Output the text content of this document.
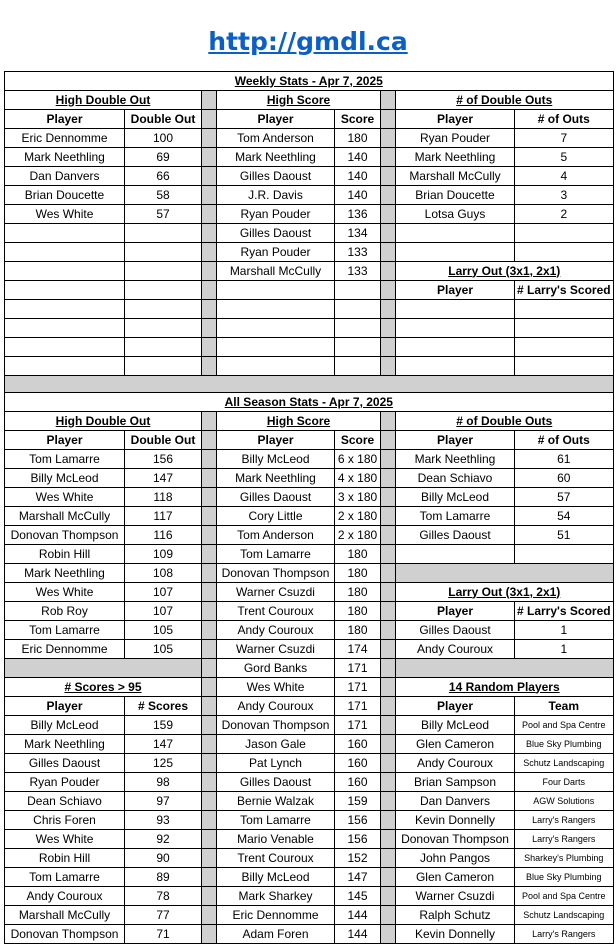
http://gmdl.ca
Weekly Stats - Apr 7, 2025							
High Double Out			High Score			# of Double Outs	
Player	Double Out		Player	Score		Player	# of Outs
Eric Dennomme	100		Tom Anderson	180		Ryan Pouder	7
Mark Neethling	69		Mark Neethling	140		Mark Neethling	5
Dan Danvers	66		Gilles Daoust	140		Marshall McCully	4
Brian Doucette	58		J.R. Davis	140		Brian Doucette	3
Wes White	57		Ryan Pouder	136		Lotsa Guys	2
			Gilles Daoust	134			
			Ryan Pouder	133			
			Marshall McCully	133		Larry Out (3x1, 2x1)	
						Player	# Larry's Scored

All Season Stats - Apr 7, 2025							
High Double Out			High Score			# of Double Outs	
Player	Double Out		Player	Score		Player	# of Outs
Tom Lamarre	156		Billy McLeod	6 x 180		Mark Neethling	61
Billy McLeod	147		Mark Neethling	4 x 180		Dean Schiavo	60
Wes White	118		Gilles Daoust	3 x 180		Billy McLeod	57
Marshall McCully	117		Cory Little	2 x 180		Tom Lamarre	54
Donovan Thompson	116		Tom Anderson	2 x 180		Gilles Daoust	51
Robin Hill	109		Tom Lamarre	180			
Mark Neethling	108		Donovan Thompson	180			
Wes White	107		Warner Csuzdi	180		Larry Out (3x1, 2x1)	
Rob Roy	107		Trent Couroux	180		Player	# Larry's Scored
Tom Lamarre	105		Andy Couroux	180		Gilles Daoust	1
Eric Dennomme	105		Warner Csuzdi	174		Andy Couroux	1
			Gord Banks	171			
# Scores > 95			Wes White	171		14 Random Players	
Player	# Scores		Andy Couroux	171		Player	Team
Billy McLeod	159		Donovan Thompson	171		Billy McLeod	Pool and Spa Centre
Mark Neethling	147		Jason Gale	160		Glen Cameron	Blue Sky Plumbing
Gilles Daoust	125		Pat Lynch	160		Andy Couroux	Schutz Landscaping
Ryan Pouder	98		Gilles Daoust	160		Brian Sampson	Four Darts
Dean Schiavo	97		Bernie Walzak	159		Dan Danvers	AGW Solutions
Chris Foren	93		Tom Lamarre	156		Kevin Donnelly	Larry's Rangers
Wes White	92		Mario Venable	156		Donovan Thompson	Larry's Rangers
Robin Hill	90		Trent Couroux	152		John Pangos	Sharkey's Plumbing
Tom Lamarre	89		Billy McLeod	147		Glen Cameron	Blue Sky Plumbing
Andy Couroux	78		Mark Sharkey	145		Warner Csuzdi	Pool and Spa Centre
Marshall McCully	77		Eric Dennomme	144		Ralph Schutz	Schutz Landscaping
Donovan Thompson	71		Adam Foren	144		Kevin Donnelly	Larry's Rangers
